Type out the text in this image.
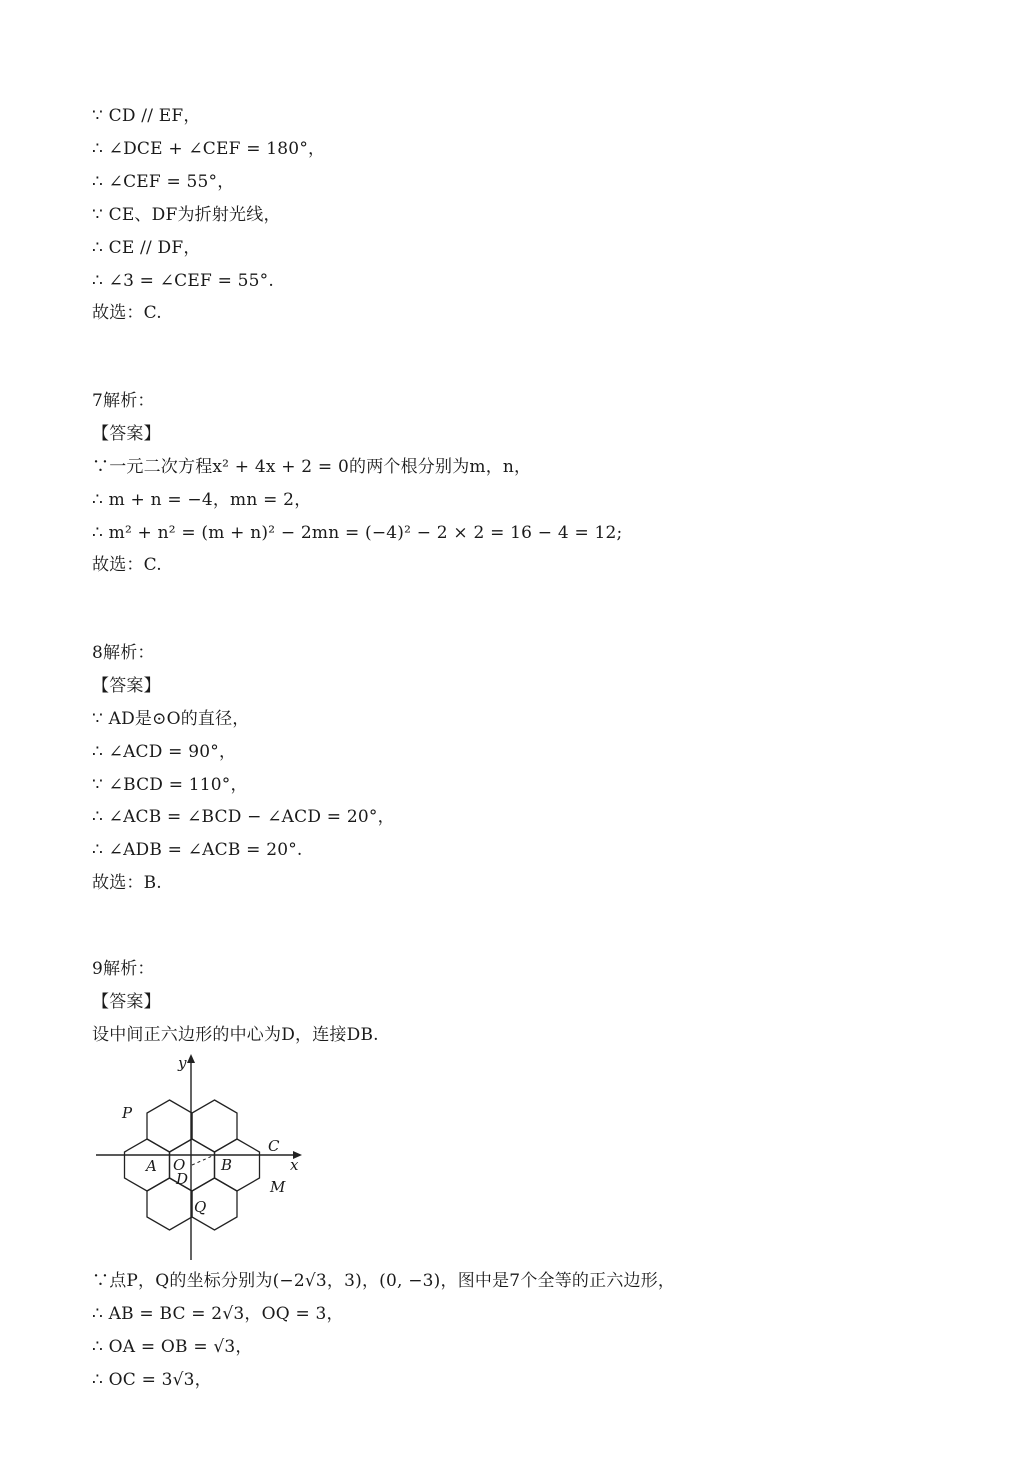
∵ CD // EF，
∴ ∠DCE + ∠CEF = 180°，
∴ ∠CEF = 55°，
∵ CE、DF为折射光线，
∴ CE // DF，
∴ ∠3 = ∠CEF = 55°.
故选：C.
7解析：
【答案】
∵一元二次方程x² + 4x + 2 = 0的两个根分别为m，n，
∴ m + n = −4，mn = 2，
∴ m² + n² = (m + n)² − 2mn = (−4)² − 2 × 2 = 16 − 4 = 12;
故选：C.
8解析：
【答案】
∵ AD是⊙O的直径，
∴ ∠ACD = 90°，
∵ ∠BCD = 110°，
∴ ∠ACB = ∠BCD − ∠ACD = 20°，
∴ ∠ADB = ∠ACB = 20°.
故选：B.
9解析：
【答案】
设中间正六边形的中心为D，连接DB.
y
x
P
C
A O B
D	M
Q
∵点P，Q的坐标分别为(−2√3，3)，(0, −3)，图中是7个全等的正六边形，
∴ AB = BC = 2√3，OQ = 3，
∴ OA = OB = √3，
∴ OC = 3√3，
